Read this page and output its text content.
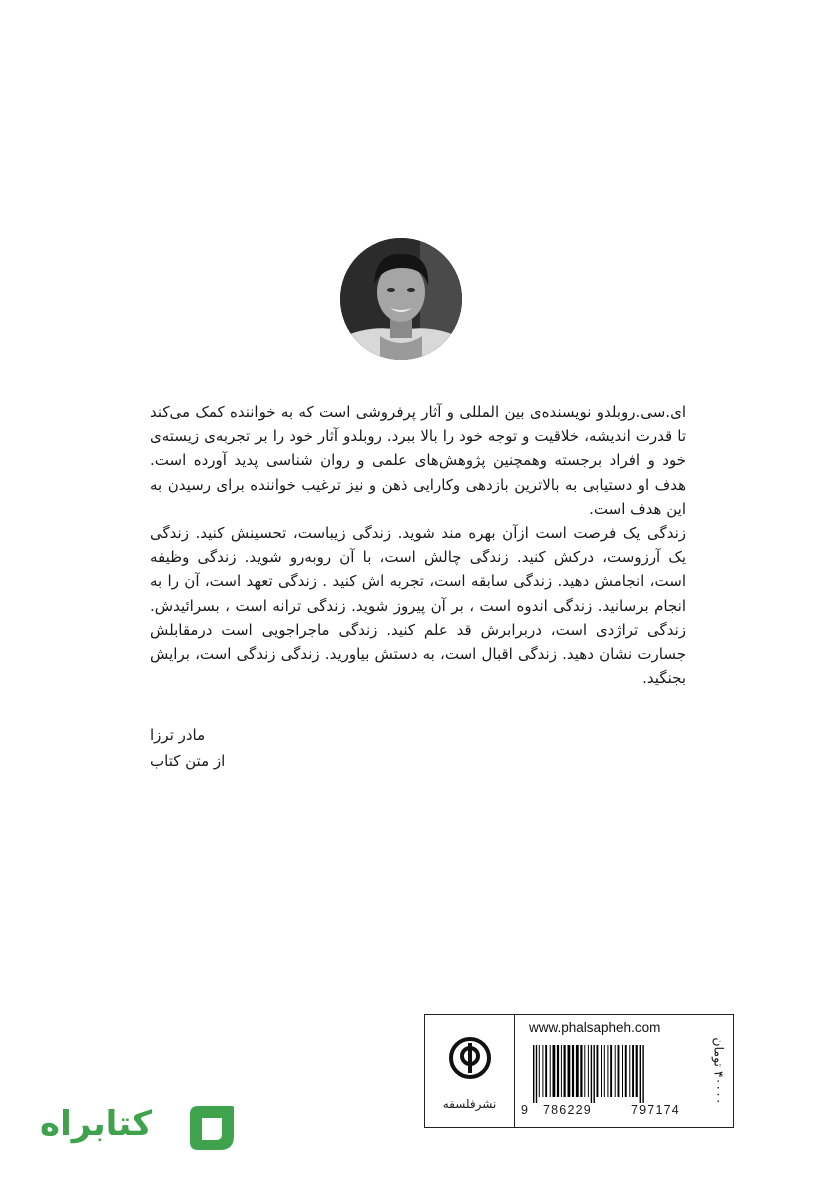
ای.سی.روبلدو نویسنده‌ی بین المللی و آثار پرفروشی است که به خواننده کمک می‌کند تا قدرت اندیشه، خلاقیت و توجه خود را بالا ببرد. روبلدو آثار خود را بر تجربه‌ی زیسته‌ی خود و افراد برجسته وهمچنین پژوهش‌های علمی و روان شناسی پدید آورده است. هدف او دستیابی به بالاترین بازدهی وکارایی ذهن و نیز ترغیب خواننده برای رسیدن به این هدف است.

زندگی یک فرصت است ازآن بهره مند شوید. زندگی زیباست، تحسینش کنید. زندگی یک آرزوست، درکش کنید. زندگی چالش است، با آن روبه‌رو شوید. زندگی وظیفه است، انجامش دهید. زندگی سابقه است، تجربه اش کنید . زندگی تعهد است، آن را به انجام برسانید. زندگی اندوه است ، بر آن پیروز شوید. زندگی ترانه است ، بسرائیدش. زندگی تراژدی است، دربرابرش قد علم کنید. زندگی ماجراجویی است درمقابلش جسارت نشان دهید. زندگی اقبال است، به دستش بیاورید. زندگی زندگی است، برایش بجنگید.

مادر ترزا
از متن کتاب
نشرفلسفه
www.phalsapheh.com
9 786229	797174
۴۰۰۰۰ تومان
کتابراه
